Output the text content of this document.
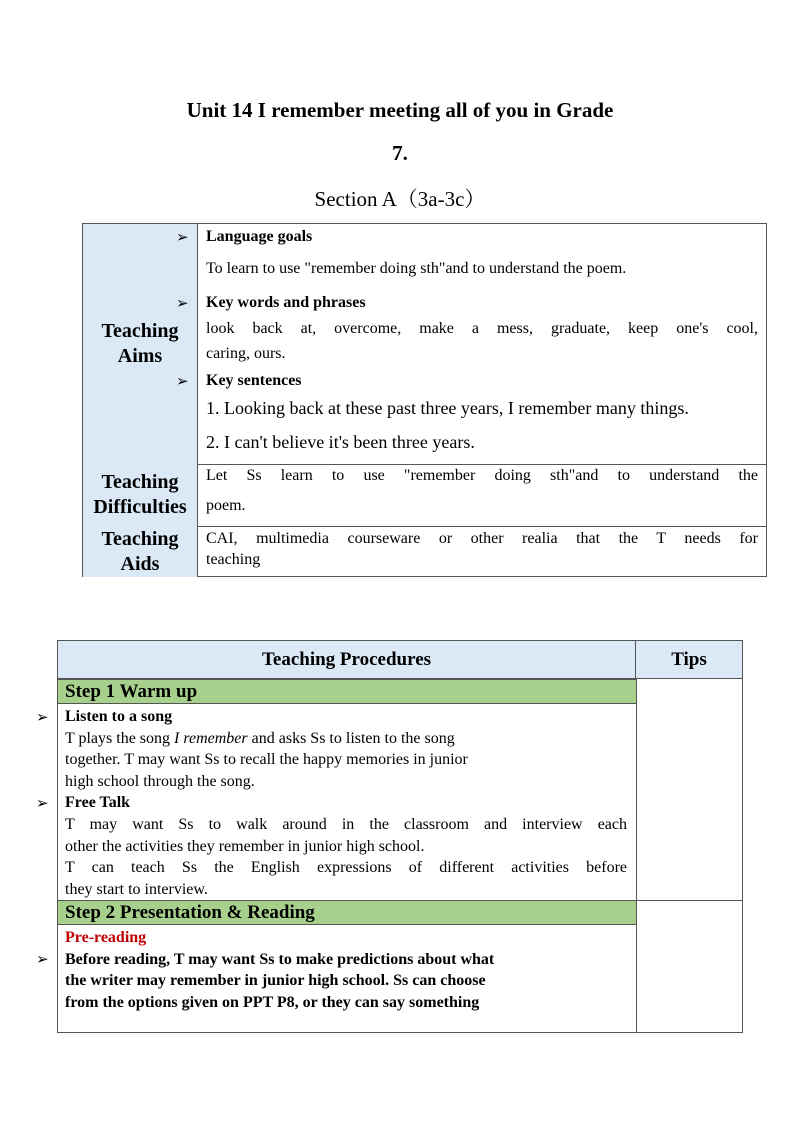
Unit 14 I remember meeting all of you in Grade
7.
Section A（3a-3c）
Teaching Aims
➢ Language goals
To learn to use "remember doing sth"and to understand the poem.
➢ Key words and phrases
look back at, overcome, make a mess, graduate, keep one's cool,
caring, ours.
➢ Key sentences
1. Looking back at these past three years, I remember many things.
2. I can't believe it's been three years.
Teaching Difficulties
Let Ss learn to use "remember doing sth"and to understand the
poem.
Teaching Aids
CAI, multimedia courseware or other realia that the T needs for
teaching
Teaching Procedures	Tips
Step 1 Warm up
➢ Listen to a song
T plays the song I remember and asks Ss to listen to the song
together. T may want Ss to recall the happy memories in junior
high school through the song.
➢ Free Talk
T may want Ss to walk around in the classroom and interview each
other the activities they remember in junior high school.
T can teach Ss the English expressions of different activities before
they start to interview.
Step 2 Presentation & Reading
Pre-reading
➢ Before reading, T may want Ss to make predictions about what
the writer may remember in junior high school. Ss can choose
from the options given on PPT P8, or they can say something
